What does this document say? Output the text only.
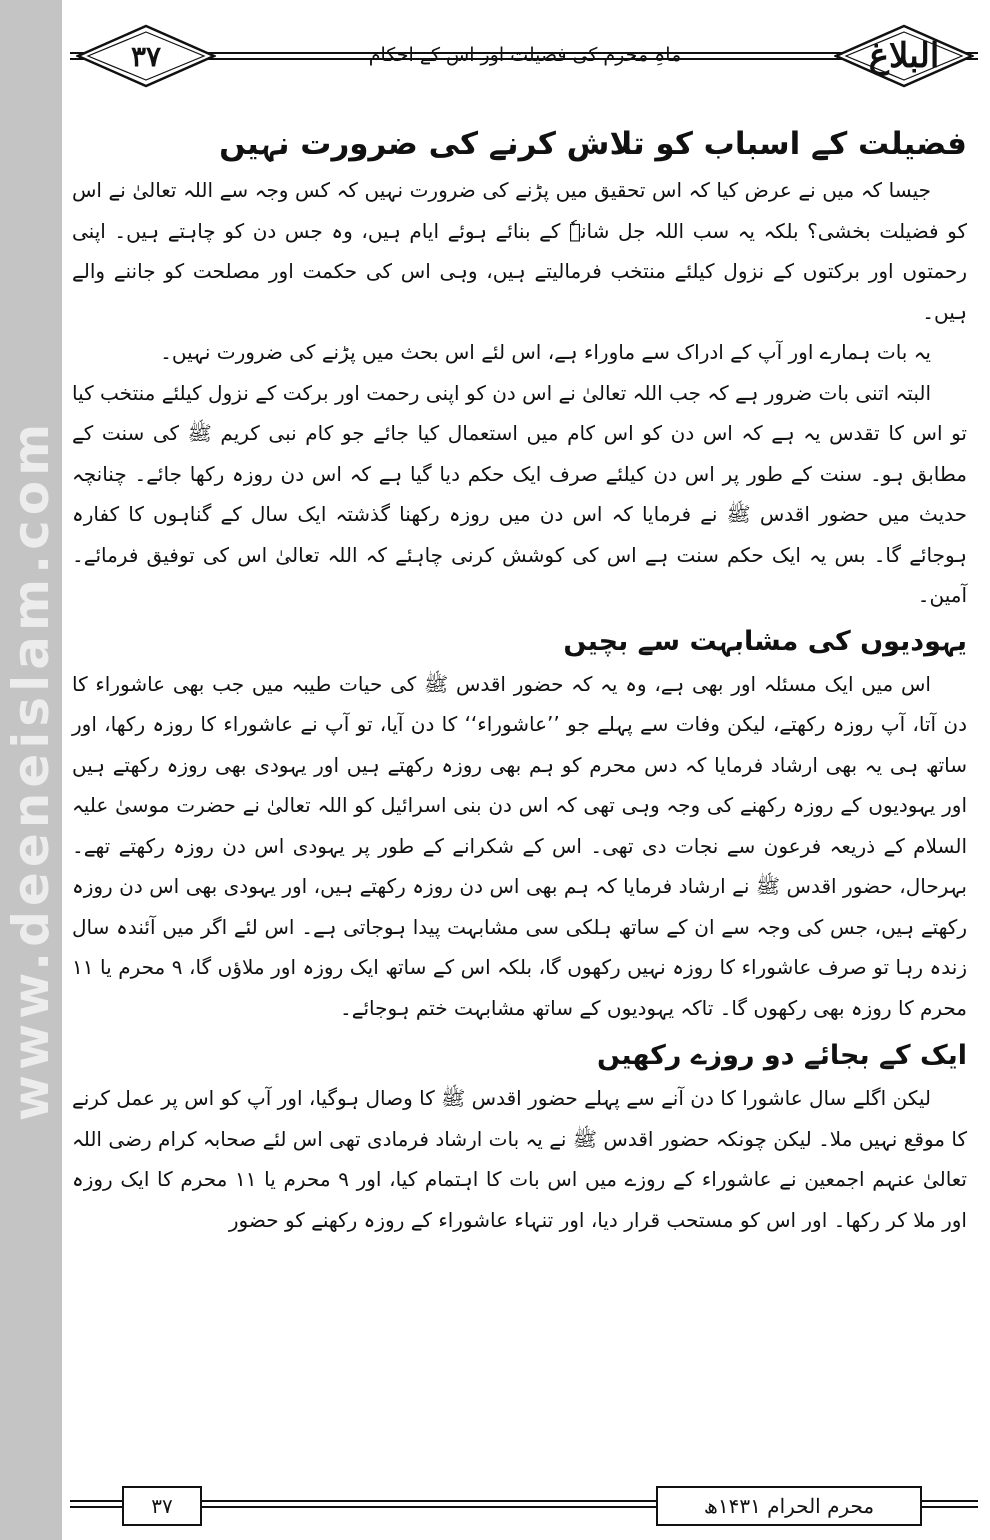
www.deeneislam.com
۳۷	ماہِ محرم کی فضیلت اور اس کے احکام	البلاغ
فضیلت کے اسباب کو تلاش کرنے کی ضرورت نہیں

جیسا کہ میں نے عرض کیا کہ اس تحقیق میں پڑنے کی ضرورت نہیں کہ کس وجہ سے اللہ تعالیٰ نے اس کو فضیلت بخشی؟ بلکہ یہ سب اللہ جل شانہٗ کے بنائے ہوئے ایام ہیں، وہ جس دن کو چاہتے ہیں۔ اپنی رحمتوں اور برکتوں کے نزول کیلئے منتخب فرمالیتے ہیں، وہی اس کی حکمت اور مصلحت کو جاننے والے ہیں۔

یہ بات ہمارے اور آپ کے ادراک سے ماوراء ہے، اس لئے اس بحث میں پڑنے کی ضرورت نہیں۔

البتہ اتنی بات ضرور ہے کہ جب اللہ تعالیٰ نے اس دن کو اپنی رحمت اور برکت کے نزول کیلئے منتخب کیا تو اس کا تقدس یہ ہے کہ اس دن کو اس کام میں استعمال کیا جائے جو کام نبی کریم ﷺ کی سنت کے مطابق ہو۔ سنت کے طور پر اس دن کیلئے صرف ایک حکم دیا گیا ہے کہ اس دن روزہ رکھا جائے۔ چنانچہ حدیث میں حضور اقدس ﷺ نے فرمایا کہ اس دن میں روزہ رکھنا گذشتہ ایک سال کے گناہوں کا کفارہ ہوجائے گا۔ بس یہ ایک حکم سنت ہے اس کی کوشش کرنی چاہئے کہ اللہ تعالیٰ اس کی توفیق فرمائے۔ آمین۔

یہودیوں کی مشابہت سے بچیں

اس میں ایک مسئلہ اور بھی ہے، وہ یہ کہ حضور اقدس ﷺ کی حیات طیبہ میں جب بھی عاشوراء کا دن آتا، آپ روزہ رکھتے، لیکن وفات سے پہلے جو ’’عاشوراء‘‘ کا دن آیا، تو آپ نے عاشوراء کا روزہ رکھا، اور ساتھ ہی یہ بھی ارشاد فرمایا کہ دس محرم کو ہم بھی روزہ رکھتے ہیں اور یہودی بھی روزہ رکھتے ہیں اور یہودیوں کے روزہ رکھنے کی وجہ وہی تھی کہ اس دن بنی اسرائیل کو اللہ تعالیٰ نے حضرت موسیٰ علیہ السلام کے ذریعہ فرعون سے نجات دی تھی۔ اس کے شکرانے کے طور پر یہودی اس دن روزہ رکھتے تھے۔ بہرحال، حضور اقدس ﷺ نے ارشاد فرمایا کہ ہم بھی اس دن روزہ رکھتے ہیں، اور یہودی بھی اس دن روزہ رکھتے ہیں، جس کی وجہ سے ان کے ساتھ ہلکی سی مشابہت پیدا ہوجاتی ہے۔ اس لئے اگر میں آئندہ سال زندہ رہا تو صرف عاشوراء کا روزہ نہیں رکھوں گا، بلکہ اس کے ساتھ ایک روزہ اور ملاؤں گا، ۹ محرم یا ۱۱ محرم کا روزہ بھی رکھوں گا۔ تاکہ یہودیوں کے ساتھ مشابہت ختم ہوجائے۔

ایک کے بجائے دو روزے رکھیں

لیکن اگلے سال عاشورا کا دن آنے سے پہلے حضور اقدس ﷺ کا وصال ہوگیا، اور آپ کو اس پر عمل کرنے کا موقع نہیں ملا۔ لیکن چونکہ حضور اقدس ﷺ نے یہ بات ارشاد فرمادی تھی اس لئے صحابہ کرام رضی اللہ تعالیٰ عنہم اجمعین نے عاشوراء کے روزے میں اس بات کا اہتمام کیا، اور ۹ محرم یا ۱۱ محرم کا ایک روزہ اور ملا کر رکھا۔ اور اس کو مستحب قرار دیا، اور تنہاء عاشوراء کے روزہ رکھنے کو حضور

۳۷	محرم الحرام ۱۴۳۱ھ
